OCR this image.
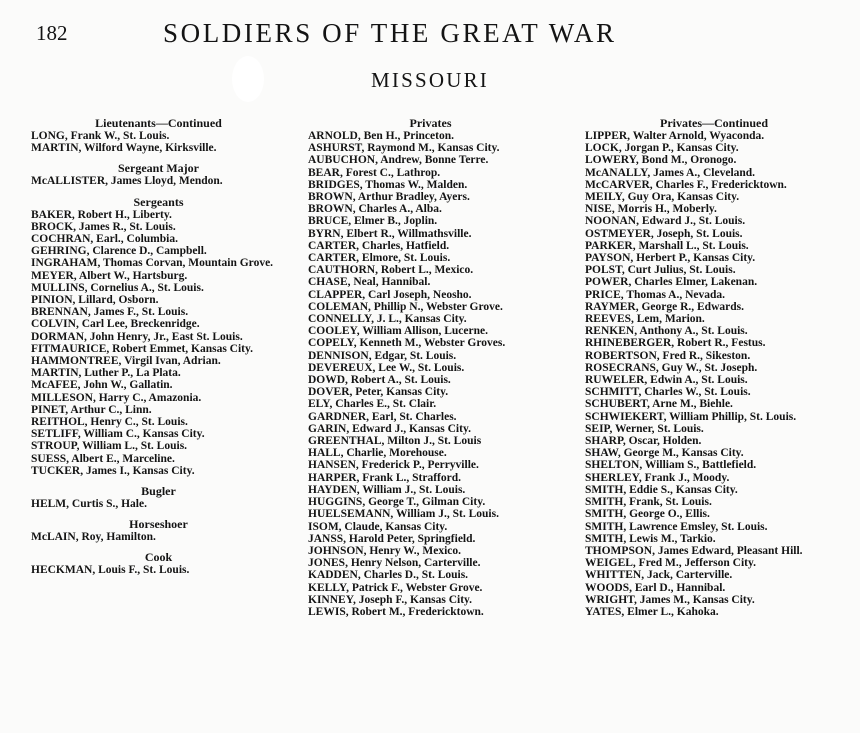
182	SOLDIERS OF THE GREAT WAR
MISSOURI
Lieutenants—Continued
LONG, Frank W., St. Louis.
MARTIN, Wilford Wayne, Kirksville.
Sergeant Major
McALLISTER, James Lloyd, Mendon.
Sergeants
BAKER, Robert H., Liberty.
BROCK, James R., St. Louis.
COCHRAN, Earl., Columbia.
GEHRING, Clarence D., Campbell.
INGRAHAM, Thomas Corvan, Mountain Grove.
MEYER, Albert W., Hartsburg.
MULLINS, Cornelius A., St. Louis.
PINION, Lillard, Osborn.
BRENNAN, James F., St. Louis.
COLVIN, Carl Lee, Breckenridge.
DORMAN, John Henry, Jr., East St. Louis.
FITMAURICE, Robert Emmet, Kansas City.
HAMMONTREE, Virgil Ivan, Adrian.
MARTIN, Luther P., La Plata.
McAFEE, John W., Gallatin.
MILLESON, Harry C., Amazonia.
PINET, Arthur C., Linn.
REITHOL, Henry C., St. Louis.
SETLIFF, William C., Kansas City.
STROUP, William L., St. Louis.
SUESS, Albert E., Marceline.
TUCKER, James I., Kansas City.
Bugler
HELM, Curtis S., Hale.
Horseshoer
McLAIN, Roy, Hamilton.
Cook
HECKMAN, Louis F., St. Louis.
Privates
ARNOLD, Ben H., Princeton.
ASHURST, Raymond M., Kansas City.
AUBUCHON, Andrew, Bonne Terre.
BEAR, Forest C., Lathrop.
BRIDGES, Thomas W., Malden.
BROWN, Arthur Bradley, Ayers.
BROWN, Charles A., Alba.
BRUCE, Elmer B., Joplin.
BYRN, Elbert R., Willmathsville.
CARTER, Charles, Hatfield.
CARTER, Elmore, St. Louis.
CAUTHORN, Robert L., Mexico.
CHASE, Neal, Hannibal.
CLAPPER, Carl Joseph, Neosho.
COLEMAN, Phillip N., Webster Grove.
CONNELLY, J. L., Kansas City.
COOLEY, William Allison, Lucerne.
COPELY, Kenneth M., Webster Groves.
DENNISON, Edgar, St. Louis.
DEVEREUX, Lee W., St. Louis.
DOWD, Robert A., St. Louis.
DOVER, Peter, Kansas City.
ELY, Charles E., St. Clair.
GARDNER, Earl, St. Charles.
GARIN, Edward J., Kansas City.
GREENTHAL, Milton J., St. Louis
HALL, Charlie, Morehouse.
HANSEN, Frederick P., Perryville.
HARPER, Frank L., Strafford.
HAYDEN, William J., St. Louis.
HUGGINS, George T., Gilman City.
HUELSEMANN, William J., St. Louis.
ISOM, Claude, Kansas City.
JANSS, Harold Peter, Springfield.
JOHNSON, Henry W., Mexico.
JONES, Henry Nelson, Carterville.
KADDEN, Charles D., St. Louis.
KELLY, Patrick F., Webster Grove.
KINNEY, Joseph F., Kansas City.
LEWIS, Robert M., Fredericktown.
Privates—Continued
LIPPER, Walter Arnold, Wyaconda.
LOCK, Jorgan P., Kansas City.
LOWERY, Bond M., Oronogo.
McANALLY, James A., Cleveland.
McCARVER, Charles F., Fredericktown.
MEILY, Guy Ora, Kansas City.
NISE, Morris H., Moberly.
NOONAN, Edward J., St. Louis.
OSTMEYER, Joseph, St. Louis.
PARKER, Marshall L., St. Louis.
PAYSON, Herbert P., Kansas City.
POLST, Curt Julius, St. Louis.
POWER, Charles Elmer, Lakenan.
PRICE, Thomas A., Nevada.
RAYMER, George R., Edwards.
REEVES, Lem, Marion.
RENKEN, Anthony A., St. Louis.
RHINEBERGER, Robert R., Festus.
ROBERTSON, Fred R., Sikeston.
ROSECRANS, Guy W., St. Joseph.
RUWELER, Edwin A., St. Louis.
SCHMITT, Charles W., St. Louis.
SCHUBERT, Arne M., Biehle.
SCHWIEKERT, William Phillip, St. Louis.
SEIP, Werner, St. Louis.
SHARP, Oscar, Holden.
SHAW, George M., Kansas City.
SHELTON, William S., Battlefield.
SHERLEY, Frank J., Moody.
SMITH, Eddie S., Kansas City.
SMITH, Frank, St. Louis.
SMITH, George O., Ellis.
SMITH, Lawrence Emsley, St. Louis.
SMITH, Lewis M., Tarkio.
THOMPSON, James Edward, Pleasant Hill.
WEIGEL, Fred M., Jefferson City.
WHITTEN, Jack, Carterville.
WOODS, Earl D., Hannibal.
WRIGHT, James M., Kansas City.
YATES, Elmer L., Kahoka.
